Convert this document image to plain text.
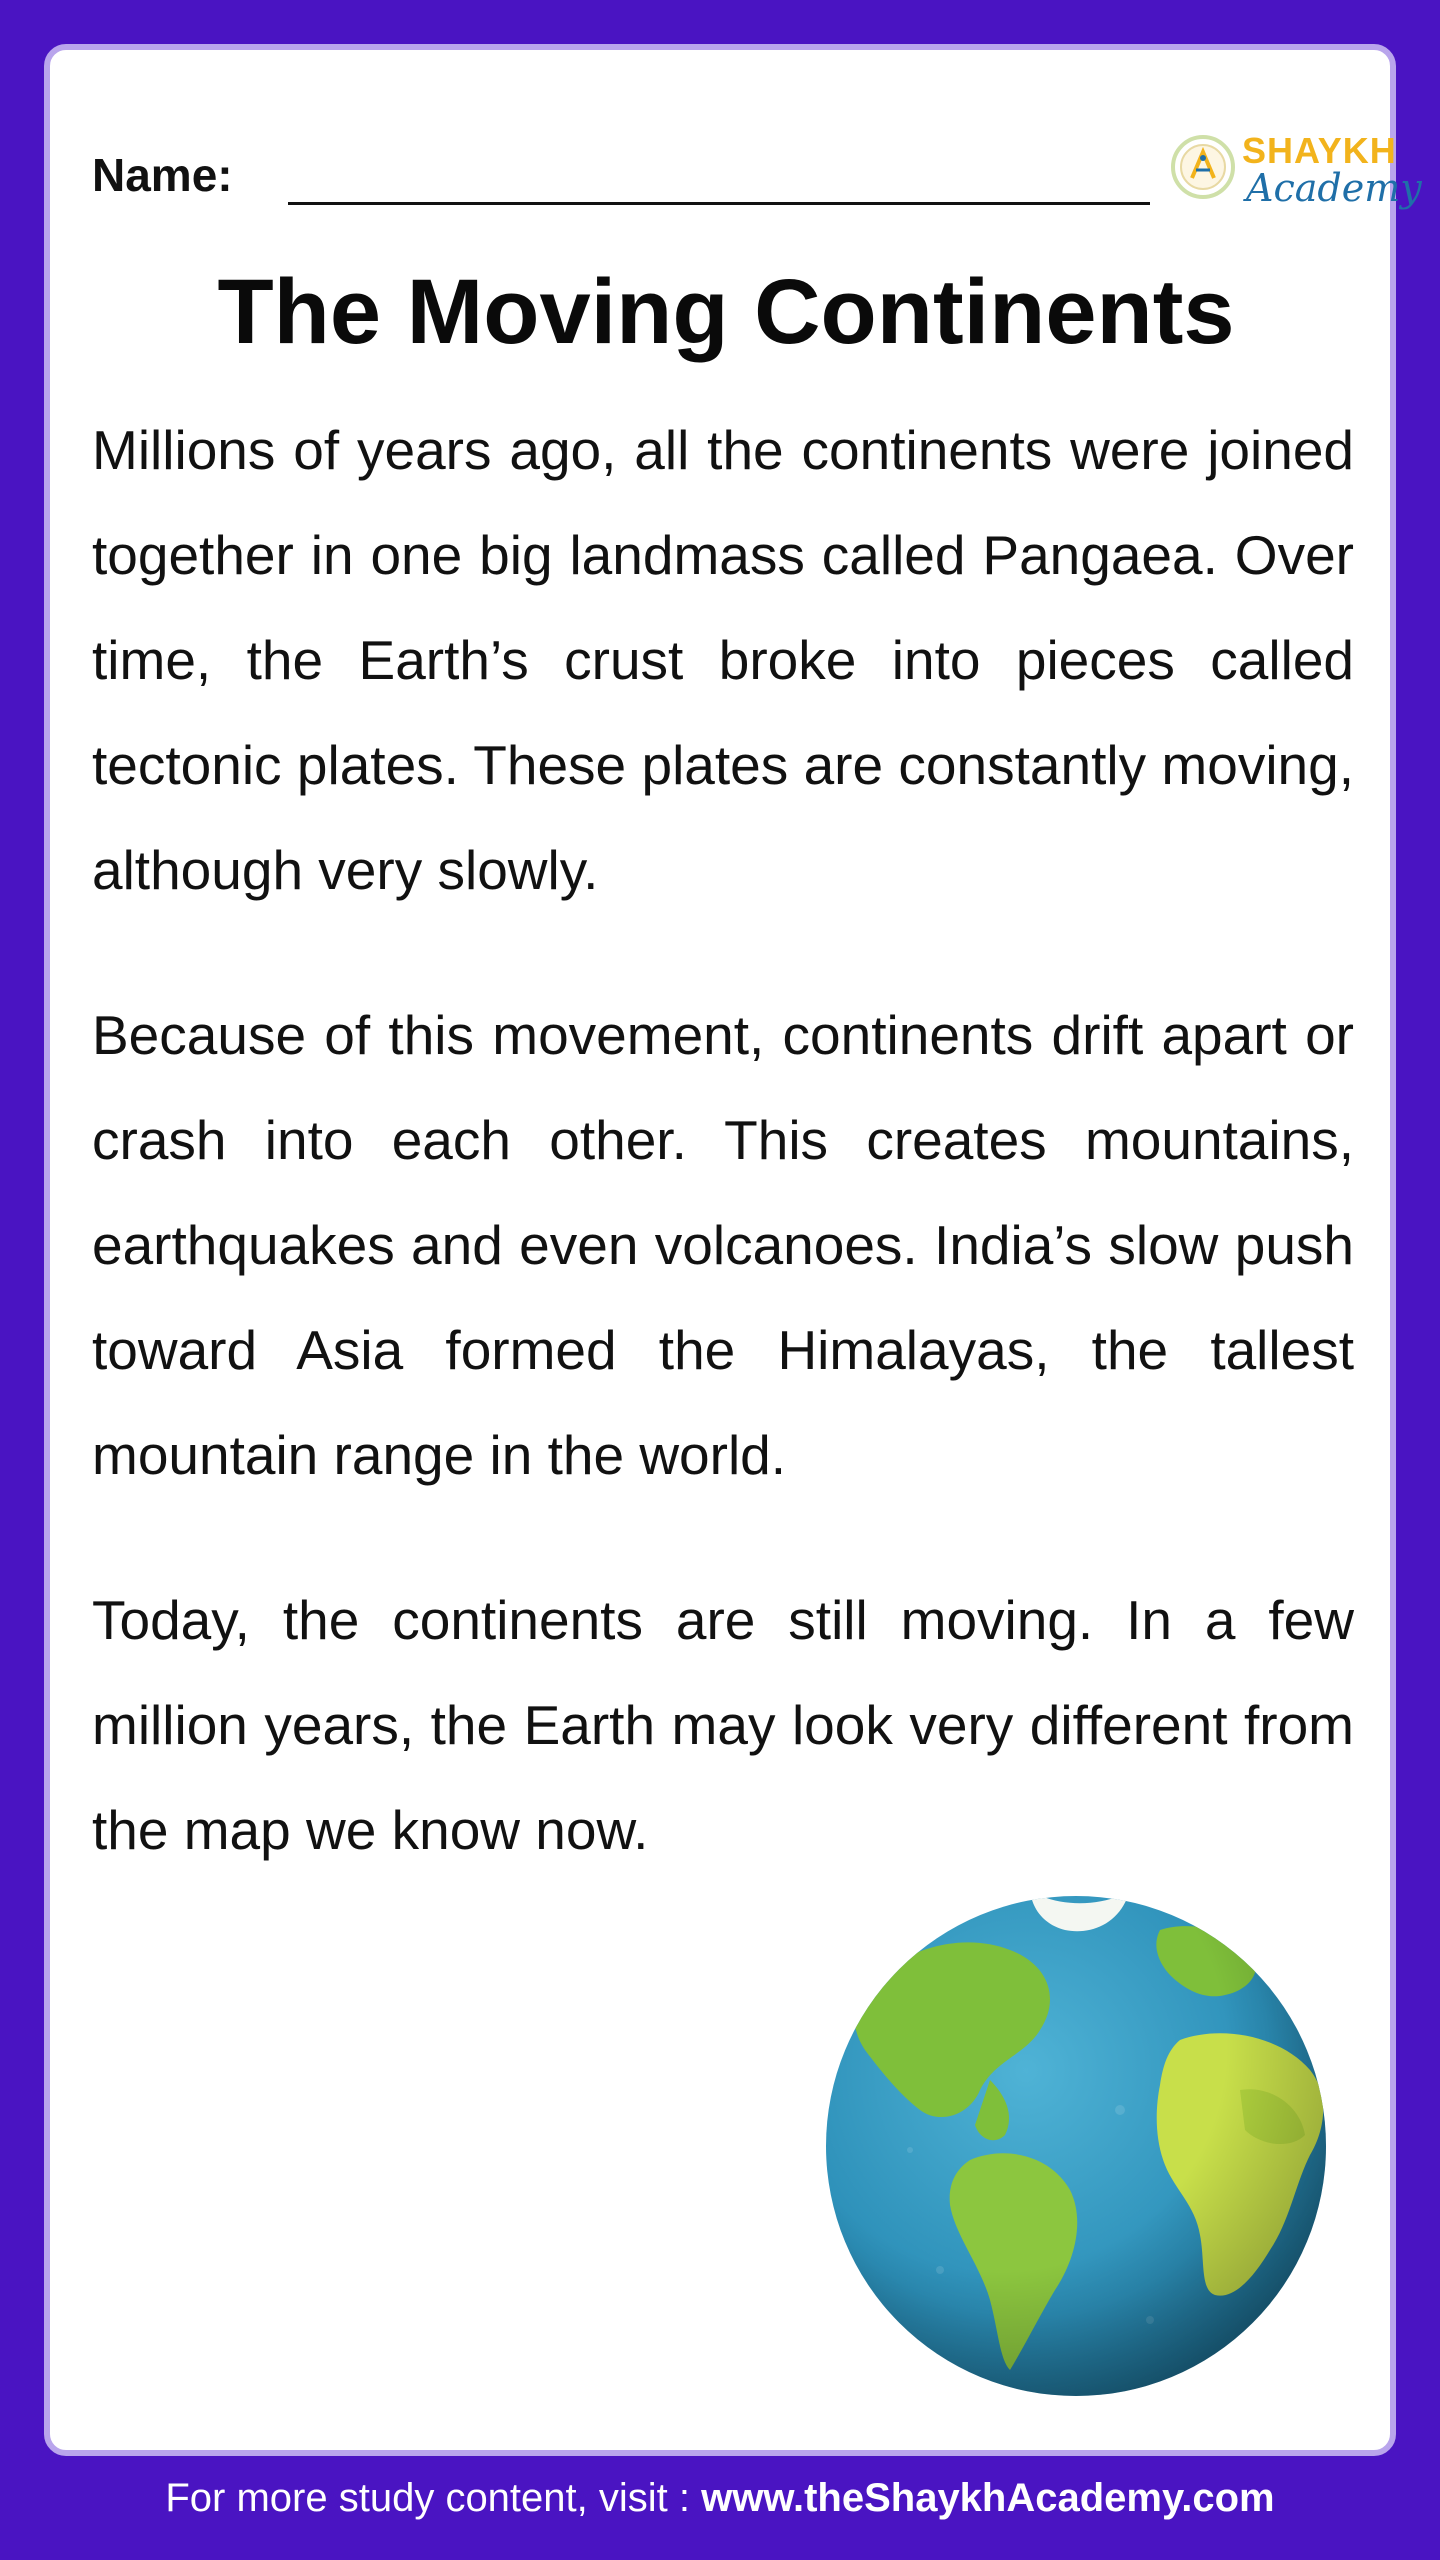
Name:	SHAYKH
Academy
The Moving Continents

Millions of years ago, all the continents were joined together in one big landmass called Pangaea. Over time, the Earth’s crust broke into pieces called tectonic plates. These plates are constantly moving, although very slowly.

Because of this movement, continents drift apart or crash into each other. This creates mountains, earthquakes and even volcanoes. India’s slow push toward Asia formed the Himalayas, the tallest mountain range in the world.

Today, the continents are still moving. In a few million years, the Earth may look very different from the map we know now.

For more study content, visit : www.theShaykhAcademy.com
